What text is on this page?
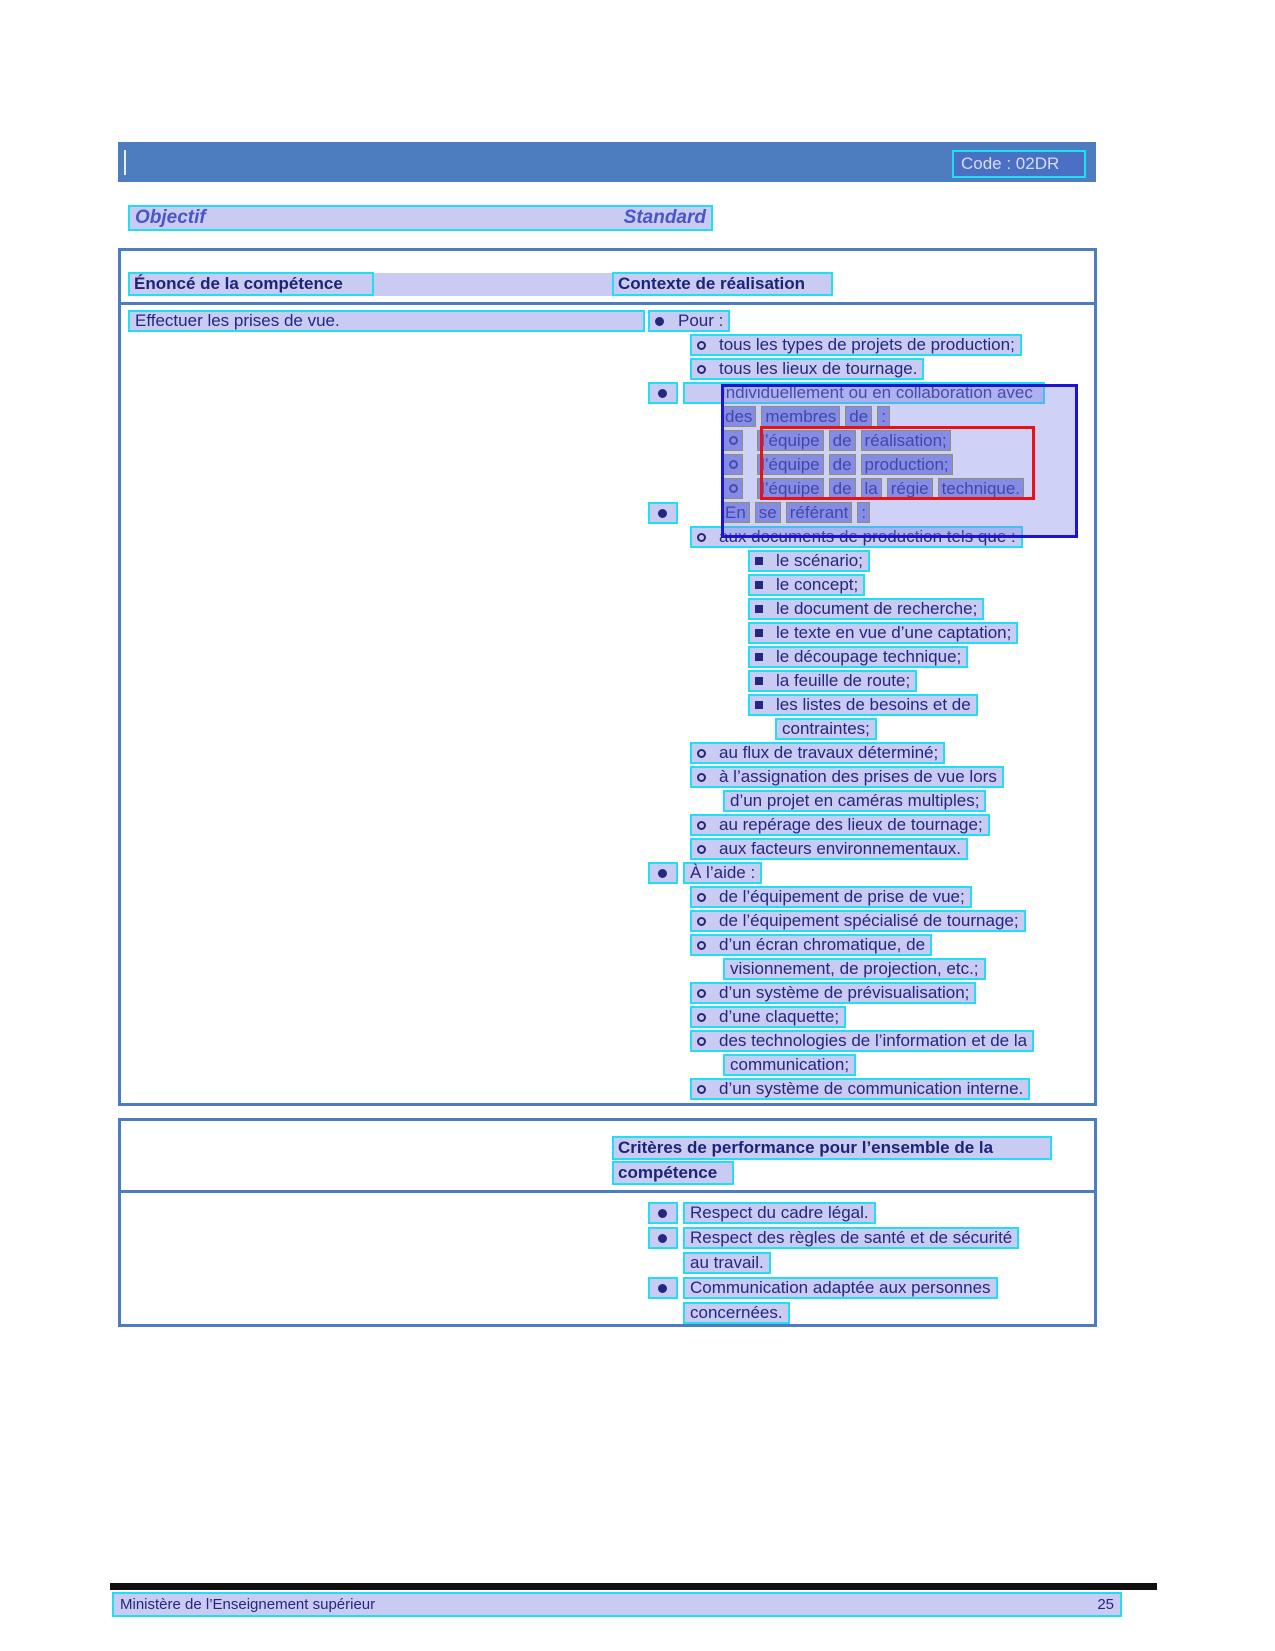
Code : 02DR
Objectif	Standard
Énoncé de la compétence	Contexte de réalisation
Effectuer les prises de vue.	Pour :
tous les types de projets de production;
tous les lieux de tournage.
Individuellement ou en collaboration avec
des membres de :
l’équipe de réalisation;
l’équipe de production;
l’équipe de la régie technique.
En se référant :
aux documents de production tels que :
le scénario;
le concept;
le document de recherche;
le texte en vue d’une captation;
le découpage technique;
la feuille de route;
les listes de besoins et de
contraintes;
au flux de travaux déterminé;
à l’assignation des prises de vue lors
d’un projet en caméras multiples;
au repérage des lieux de tournage;
aux facteurs environnementaux.
À l’aide :
de l’équipement de prise de vue;
de l’équipement spécialisé de tournage;
d’un écran chromatique, de
visionnement, de projection, etc.;
d’un système de prévisualisation;
d’une claquette;
des technologies de l’information et de la
communication;
d’un système de communication interne.
Critères de performance pour l’ensemble de la
compétence
Respect du cadre légal.
Respect des règles de santé et de sécurité
au travail.
Communication adaptée aux personnes
concernées.
Ministère de l’Enseignement supérieur	25
